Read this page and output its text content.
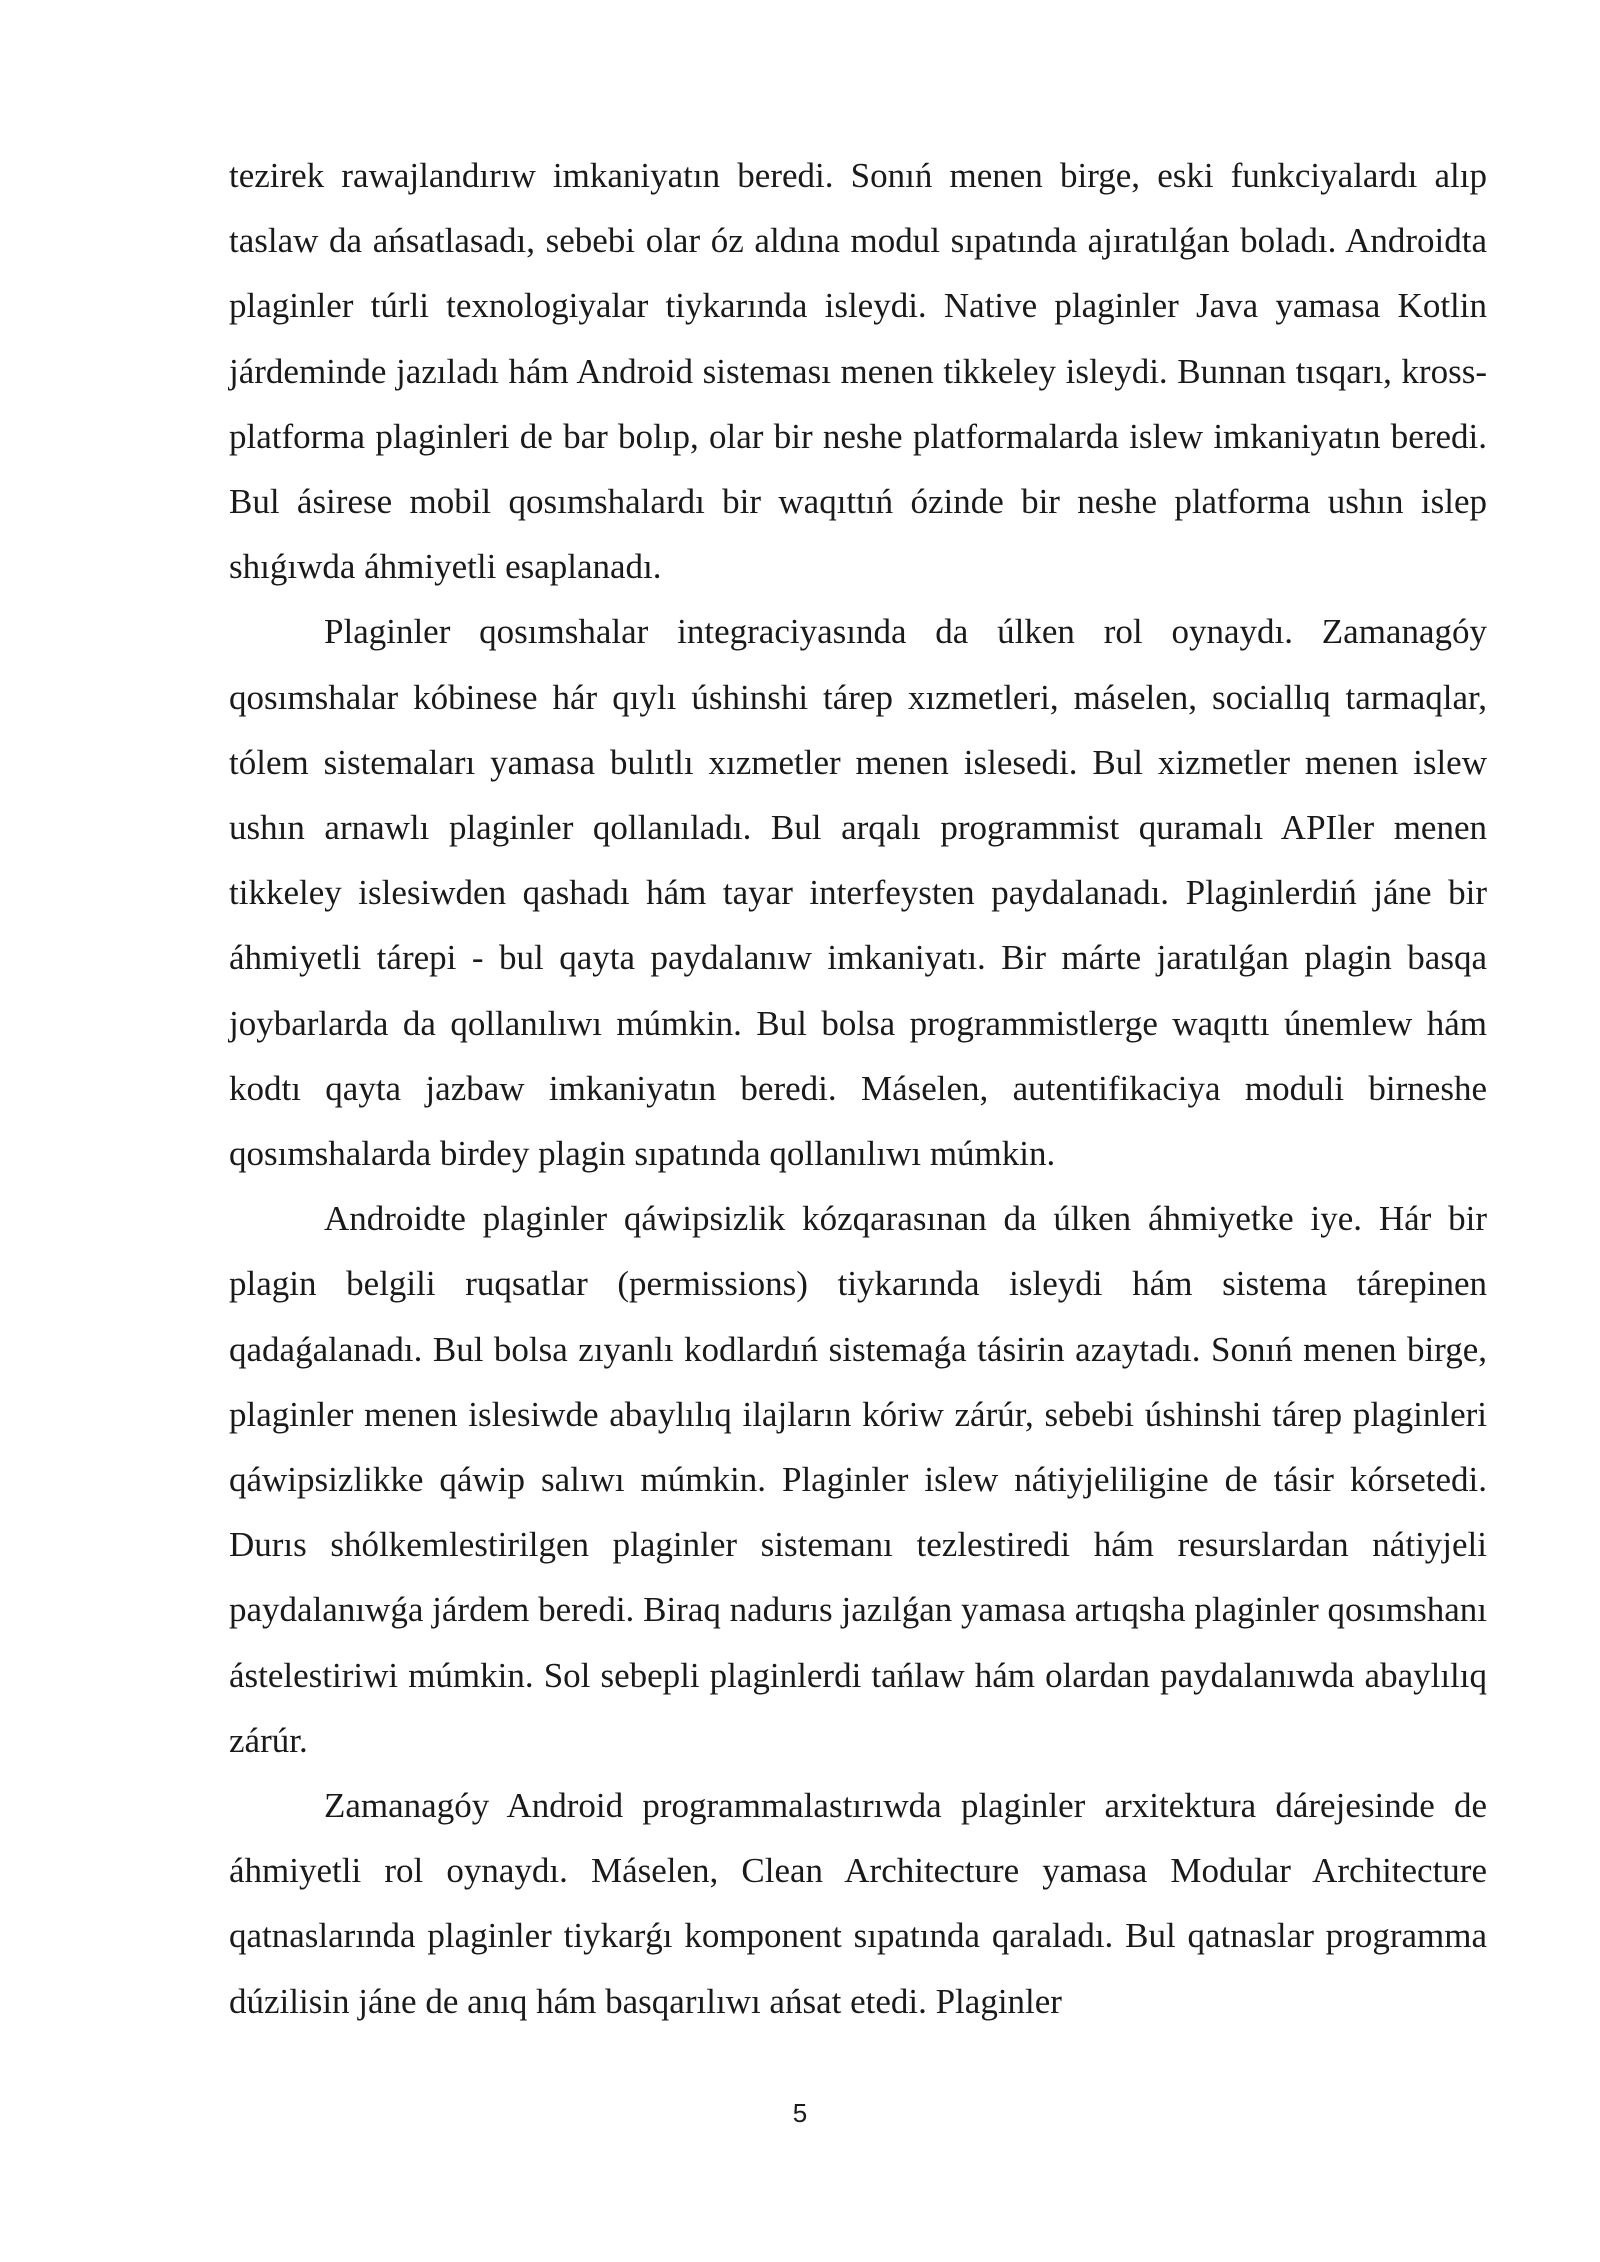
tezirek rawajlandırıw imkaniyatın beredi. Sonıń menen birge, eski funkciyalardı alıp taslaw da ańsatlasadı, sebebi olar óz aldına modul sıpatında ajıratılǵan boladı. Androidta plaginler túrli texnologiyalar tiykarında isleydi. Native plaginler Java yamasa Kotlin járdeminde jazıladı hám Android sisteması menen tikkeley isleydi. Bunnan tısqarı, kross-platforma plaginleri de bar bolıp, olar bir neshe platformalarda islew imkaniyatın beredi. Bul ásirese mobil qosımshalardı bir waqıttıń ózinde bir neshe platforma ushın islep shıǵıwda áhmiyetli esaplanadı.

Plaginler qosımshalar integraciyasında da úlken rol oynaydı. Zamanagóy qosımshalar kóbinese hár qıylı úshinshi tárep xızmetleri, máselen, sociallıq tarmaqlar, tólem sistemaları yamasa bulıtlı xızmetler menen islesedi. Bul xizmetler menen islew ushın arnawlı plaginler qollanıladı. Bul arqalı programmist quramalı APIler menen tikkeley islesiwden qashadı hám tayar interfeysten paydalanadı. Plaginlerdiń jáne bir áhmiyetli tárepi - bul qayta paydalanıw imkaniyatı. Bir márte jaratılǵan plagin basqa joybarlarda da qollanılıwı múmkin. Bul bolsa programmistlerge waqıttı únemlew hám kodtı qayta jazbaw imkaniyatın beredi. Máselen, autentifikaciya moduli birneshe qosımshalarda birdey plagin sıpatında qollanılıwı múmkin.

Androidte plaginler qáwipsizlik kózqarasınan da úlken áhmiyetke iye. Hár bir plagin belgili ruqsatlar (permissions) tiykarında isleydi hám sistema tárepinen qadaǵalanadı. Bul bolsa zıyanlı kodlardıń sistemaǵa tásirin azaytadı. Sonıń menen birge, plaginler menen islesiwde abaylılıq ilajların kóriw zárúr, sebebi úshinshi tárep plaginleri qáwipsizlikke qáwip salıwı múmkin. Plaginler islew nátiyjeliligine de tásir kórsetedi. Durıs shólkemlestirilgen plaginler sistemanı tezlestiredi hám resurslardan nátiyjeli paydalanıwǵa járdem beredi. Biraq nadurıs jazılǵan yamasa artıqsha plaginler qosımshanı ástelestiriwi múmkin. Sol sebepli plaginlerdi tańlaw hám olardan paydalanıwda abaylılıq zárúr.

Zamanagóy Android programmalastırıwda plaginler arxitektura dárejesinde de áhmiyetli rol oynaydı. Máselen, Clean Architecture yamasa Modular Architecture qatnaslarında plaginler tiykarǵı komponent sıpatında qaraladı. Bul qatnaslar programma dúzilisin jáne de anıq hám basqarılıwı ańsat etedi. Plaginler

5
